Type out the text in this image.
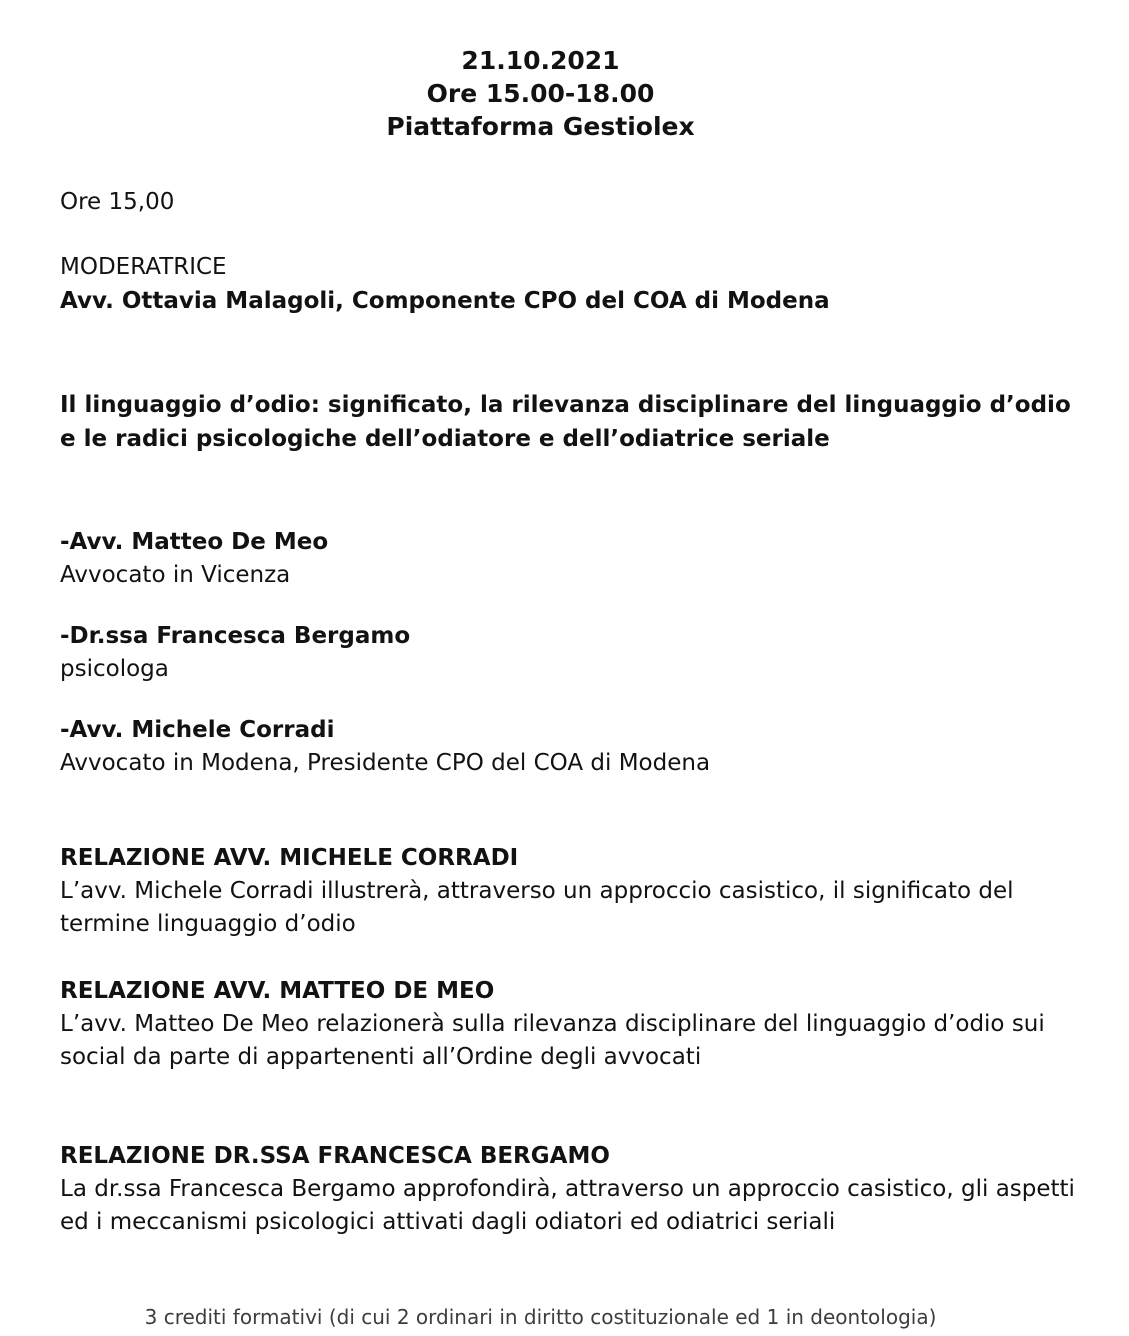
21.10.2021
Ore 15.00-18.00
Piattaforma Gestiolex
Ore 15,00
MODERATRICE
Avv. Ottavia Malagoli, Componente CPO del COA di Modena
Il linguaggio d’odio: significato, la rilevanza disciplinare del linguaggio d’odio e le radici psicologiche dell’odiatore e dell’odiatrice seriale
-Avv. Matteo De Meo
Avvocato in Vicenza
-Dr.ssa Francesca Bergamo
psicologa
-Avv. Michele Corradi
Avvocato in Modena, Presidente CPO del COA di Modena
RELAZIONE AVV. MICHELE CORRADI
L’avv. Michele Corradi illustrerà, attraverso un approccio casistico, il significato del termine linguaggio d’odio
RELAZIONE AVV. MATTEO DE MEO
L’avv. Matteo De Meo relazionerà sulla rilevanza disciplinare del linguaggio d’odio sui social da parte di appartenenti all’Ordine degli avvocati
RELAZIONE DR.SSA FRANCESCA BERGAMO
La dr.ssa Francesca Bergamo approfondirà, attraverso un approccio casistico, gli aspetti ed i meccanismi psicologici attivati dagli odiatori ed odiatrici seriali
3 crediti formativi (di cui 2 ordinari in diritto costituzionale ed 1 in deontologia)
